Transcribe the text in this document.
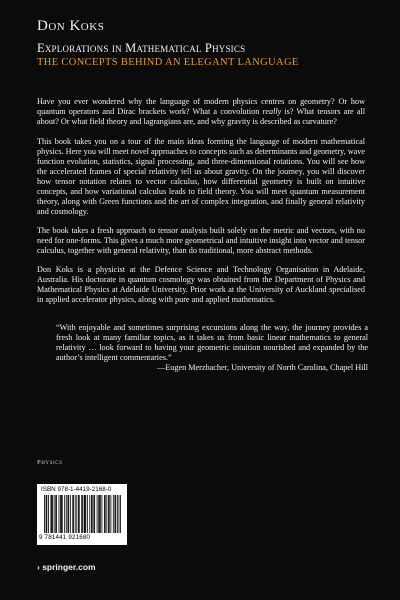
Don Koks
Explorations in Mathematical Physics
THE CONCEPTS BEHIND AN ELEGANT LANGUAGE

Have you ever wondered why the language of modern physics centres on geometry? Or how quantum operators and Dirac brackets work? What a convolution really is? What tensors are all about? Or what field theory and lagrangians are, and why gravity is described as curvature?

This book takes you on a tour of the main ideas forming the language of modern mathematical physics. Here you will meet novel approaches to concepts such as determinants and geometry, wave function evolution, statistics, signal processing, and three-dimensional rotations. You will see how the accelerated frames of special relativity tell us about gravity. On the journey, you will discover how tensor notation relates to vector calculus, how differential geometry is built on intuitive concepts, and how variational calculus leads to field theory. You will meet quantum measurement theory, along with Green functions and the art of complex integration, and finally general relativity and cosmology.

The book takes a fresh approach to tensor analysis built solely on the metric and vectors, with no need for one-forms. This gives a much more geometrical and intuitive insight into vector and tensor calculus, together with general relativity, than do traditional, more abstract methods.

Don Koks is a physicist at the Defence Science and Technology Organisation in Adelaide, Australia. His doctorate in quantum cosmology was obtained from the Department of Physics and Mathematical Physics at Adelaide University. Prior work at the University of Auckland specialised in applied accelerator physics, along with pure and applied mathematics.

“With enjoyable and sometimes surprising excursions along the way, the journey provides a fresh look at many familiar topics, as it takes us from basic linear mathematics to general relativity … look forward to having your geometric intuition nourished and expanded by the author’s intelligent commentaries.”
—Eugen Merzbacher, University of North Carolina, Chapel Hill
Physics
ISBN 978-1-4419-2168-0
9 781441 921680
› springer.com
